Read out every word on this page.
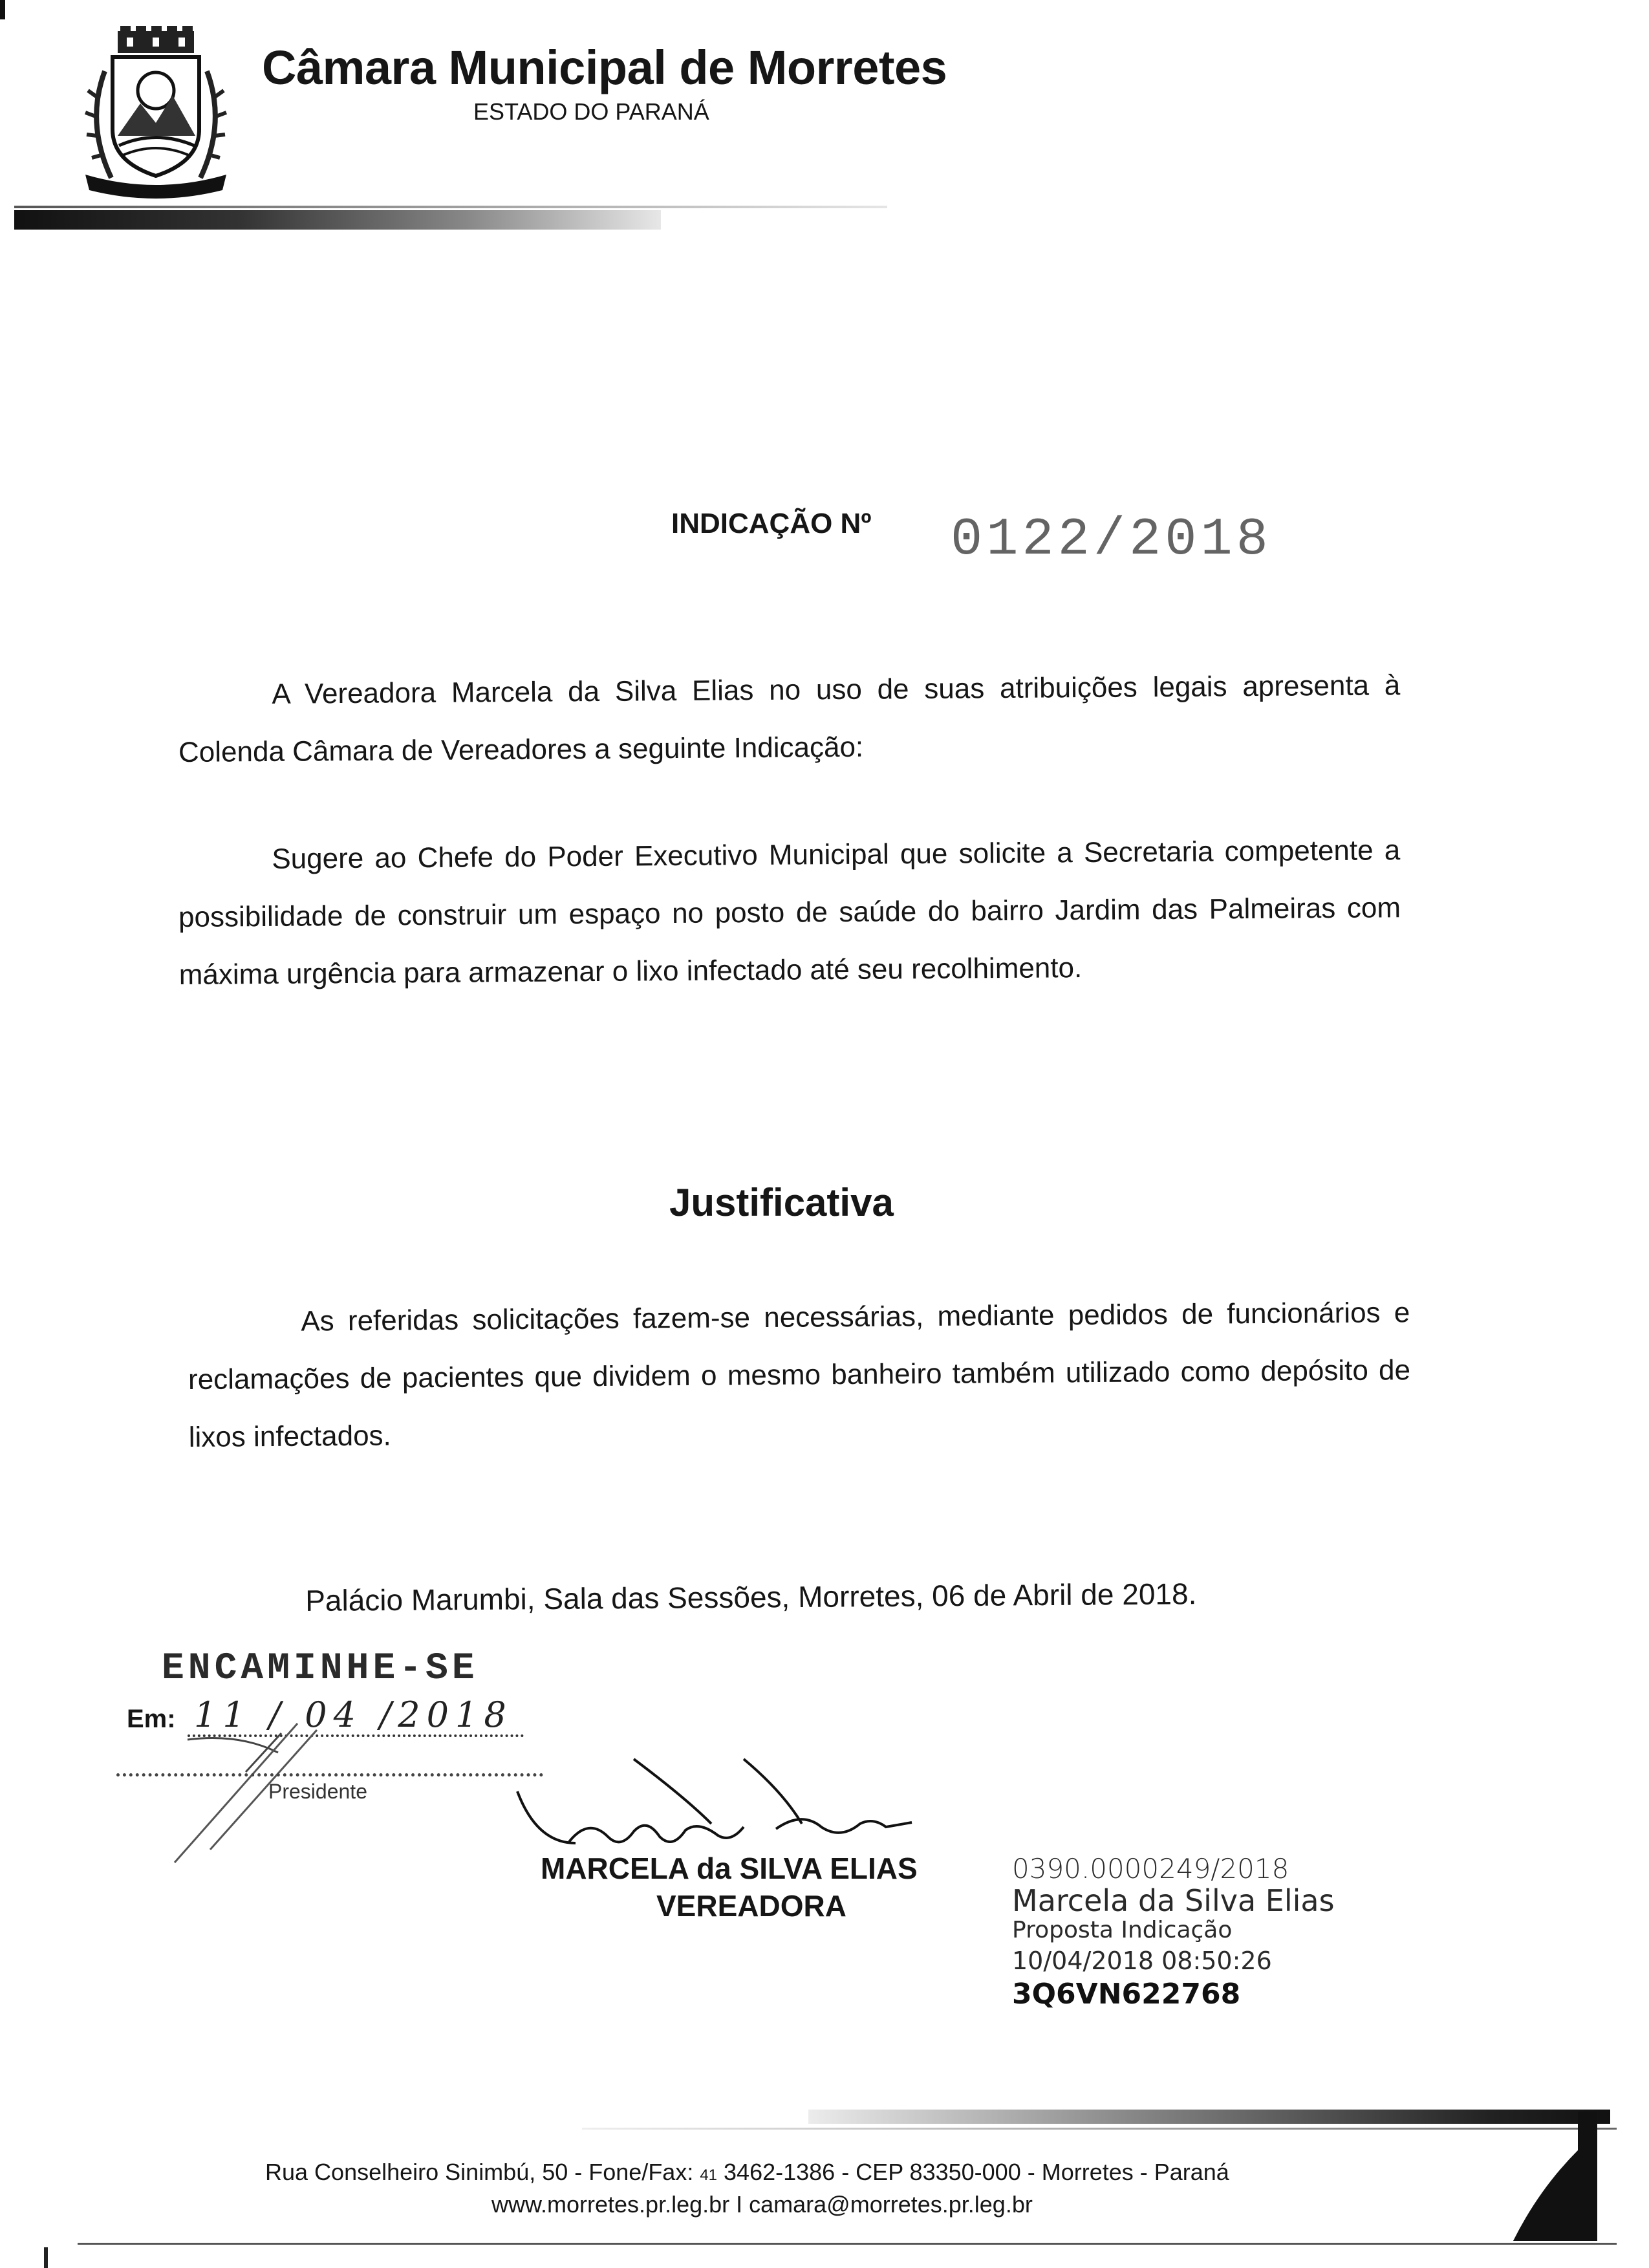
Câmara Municipal de Morretes
ESTADO DO PARANÁ
INDICAÇÃO Nº 0122/2018
A Vereadora Marcela da Silva Elias no uso de suas atribuições legais apresenta à Colenda Câmara de Vereadores a seguinte Indicação:
Sugere ao Chefe do Poder Executivo Municipal que solicite a Secretaria competente a possibilidade de construir um espaço no posto de saúde do bairro Jardim das Palmeiras com máxima urgência para armazenar o lixo infectado até seu recolhimento.
Justificativa
As referidas solicitações fazem-se necessárias, mediante pedidos de funcionários e reclamações de pacientes que dividem o mesmo banheiro também utilizado como depósito de lixos infectados.
Palácio Marumbi, Sala das Sessões, Morretes, 06 de Abril de 2018.
ENCAMINHE-SE
Em: 11 / 04 /2018
Presidente
MARCELA da SILVA ELIAS
VEREADORA
0390.0000249/2018
Marcela da Silva Elias
Proposta Indicação
10/04/2018 08:50:26
3Q6VN622768
Rua Conselheiro Sinimbú, 50 - Fone/Fax: 41 3462-1386 - CEP 83350-000 - Morretes - Paraná
www.morretes.pr.leg.br I camara@morretes.pr.leg.br
